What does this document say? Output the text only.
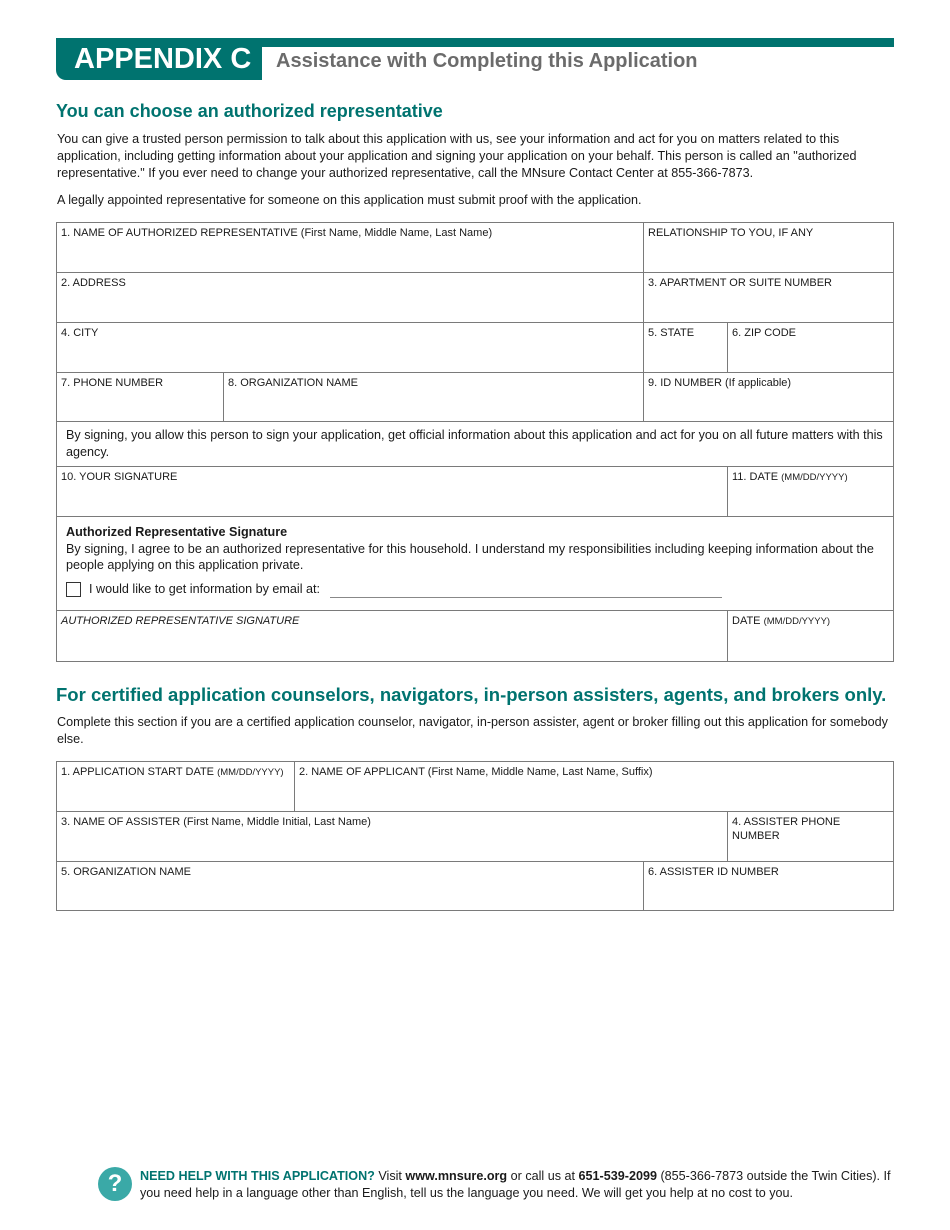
APPENDIX C	Assistance with Completing this Application
You can choose an authorized representative

You can give a trusted person permission to talk about this application with us, see your information and act for you on matters related to this application, including getting information about your application and signing your application on your behalf. This person is called an "authorized representative." If you ever need to change your authorized representative, call the MNsure Contact Center at 855-366-7873.

A legally appointed representative for someone on this application must submit proof with the application.

1. NAME OF AUTHORIZED REPRESENTATIVE (First Name, Middle Name, Last Name)	RELATIONSHIP TO YOU, IF ANY
2. ADDRESS	3. APARTMENT OR SUITE NUMBER
4. CITY	5. STATE	6. ZIP CODE
7. PHONE NUMBER	8. ORGANIZATION NAME	9. ID NUMBER (If applicable)
By signing, you allow this person to sign your application, get official information about this application and act for you on all future matters with this agency.
10. YOUR SIGNATURE	11. DATE (MM/DD/YYYY)
Authorized Representative Signature
By signing, I agree to be an authorized representative for this household. I understand my responsibilities including keeping information about the people applying on this application private.
I would like to get information by email at:
AUTHORIZED REPRESENTATIVE SIGNATURE	DATE (MM/DD/YYYY)
For certified application counselors, navigators, in-person assisters, agents, and brokers only.

Complete this section if you are a certified application counselor, navigator, in-person assister, agent or broker filling out this application for somebody else.

1. APPLICATION START DATE (MM/DD/YYYY)	2. NAME OF APPLICANT (First Name, Middle Name, Last Name, Suffix)
3. NAME OF ASSISTER (First Name, Middle Initial, Last Name)	4. ASSISTER PHONE NUMBER
5. ORGANIZATION NAME	6. ASSISTER ID NUMBER
?	NEED HELP WITH THIS APPLICATION? Visit www.mnsure.org or call us at 651-539-2099 (855-366-7873 outside the Twin Cities). If you need help in a language other than English, tell us the language you need. We will get you help at no cost to you.
